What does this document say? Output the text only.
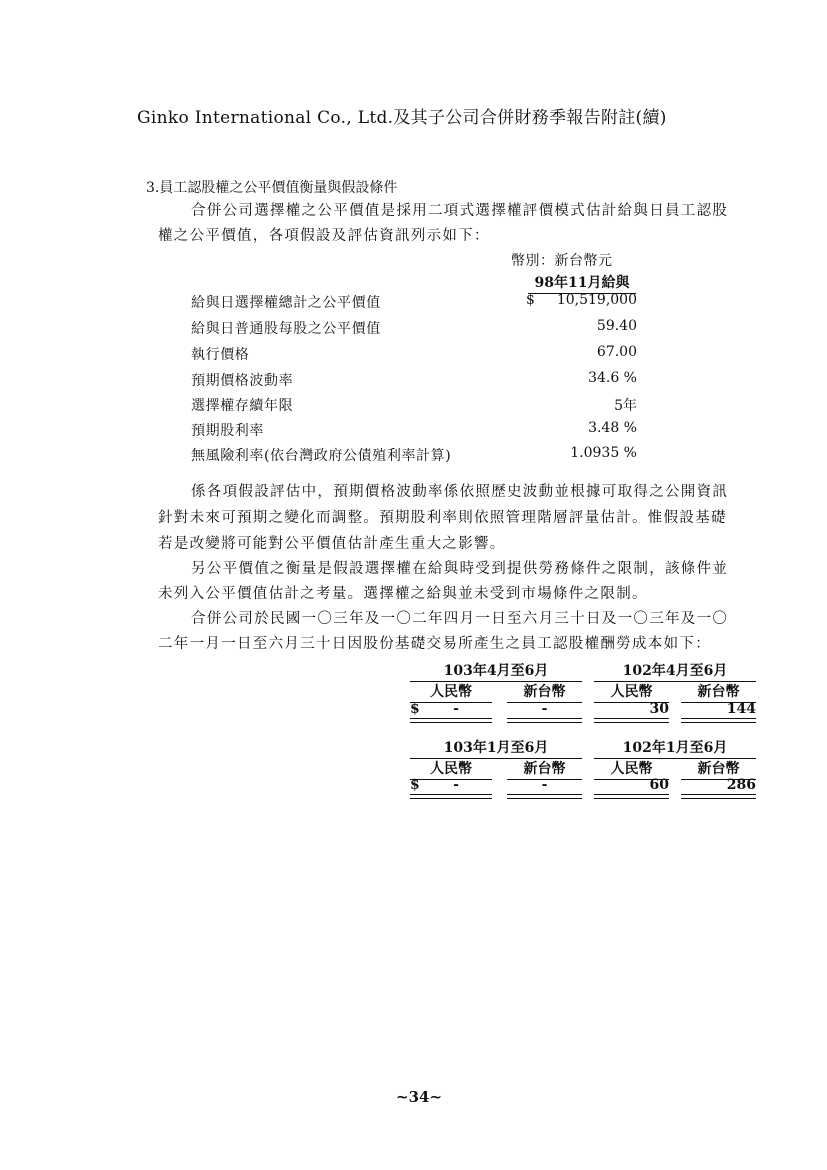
Ginko International Co., Ltd.及其子公司合併財務季報告附註(續)
3.員工認股權之公平價值衡量與假設條件
合併公司選擇權之公平價值是採用二項式選擇權評價模式估計給與日員工認股
權之公平價值，各項假設及評估資訊列示如下：
幣別：新台幣元
98年11月給與
$
給與日選擇權總計之公平價值	10,519,000
給與日普通股每股之公平價值	59.40
執行價格	67.00
預期價格波動率	34.6 %
選擇權存續年限	5年
預期股利率	3.48 %
無風險利率(依台灣政府公債殖利率計算)	1.0935 %
係各項假設評估中，預期價格波動率係依照歷史波動並根據可取得之公開資訊
針對未來可預期之變化而調整。預期股利率則依照管理階層評量估計。惟假設基礎
若是改變將可能對公平價值估計產生重大之影響。
另公平價值之衡量是假設選擇權在給與時受到提供勞務條件之限制，該條件並
未列入公平價值估計之考量。選擇權之給與並未受到市場條件之限制。
合併公司於民國一〇三年及一〇二年四月一日至六月三十日及一〇三年及一〇
二年一月一日至六月三十日因股份基礎交易所產生之員工認股權酬勞成本如下：
103年4月至6月	102年4月至6月
人民幣	新台幣	人民幣	新台幣
$	-	-	30	144
103年1月至6月	102年1月至6月
人民幣	新台幣	人民幣	新台幣
$	-	-	60	286
~34~
